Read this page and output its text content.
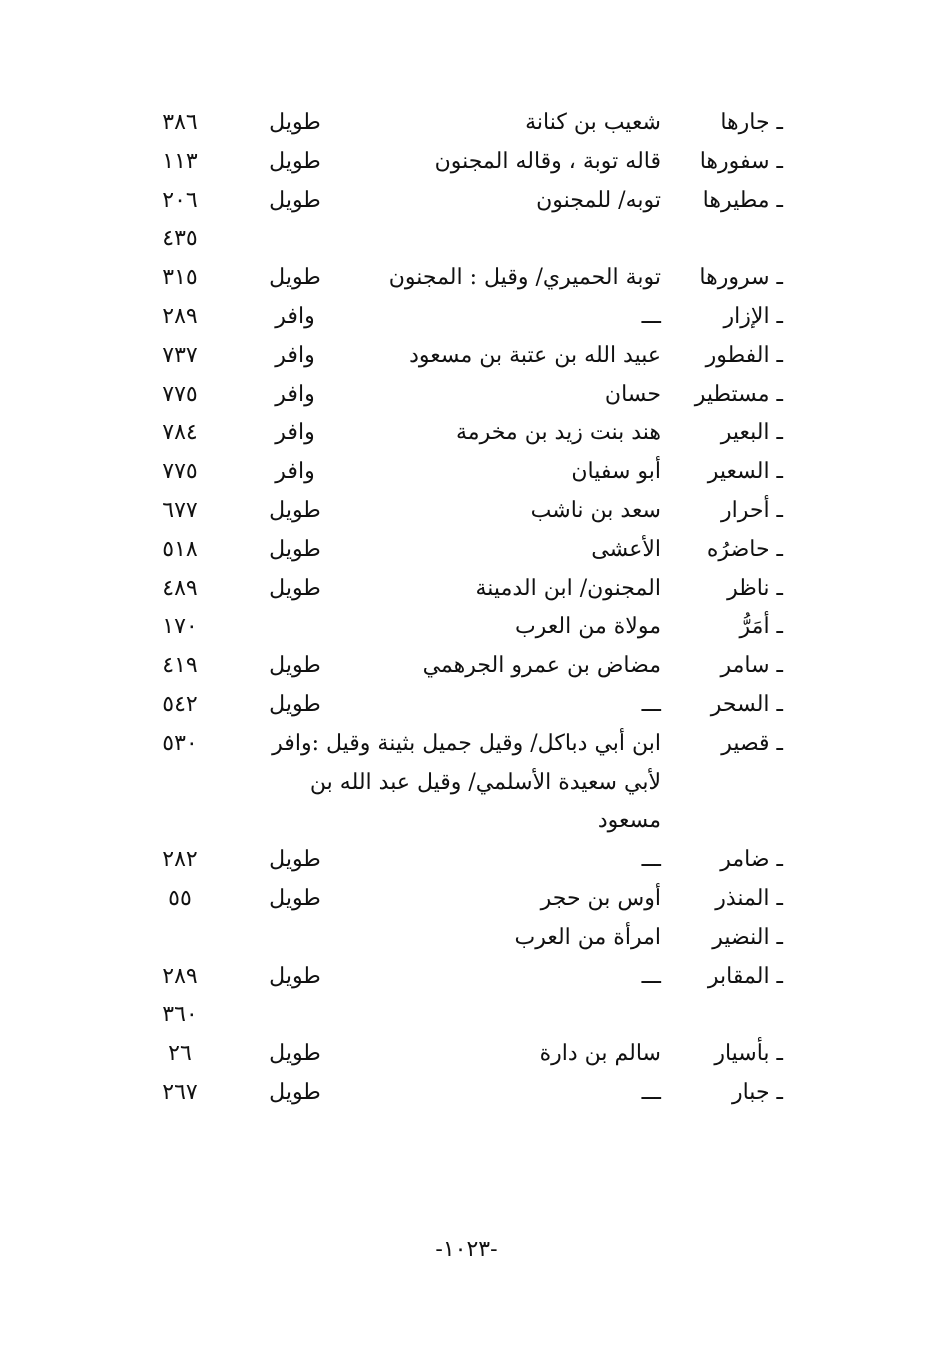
-١٠٢٣-
ـ جارها
شعيب بن كنانة
طويل
٣٨٦
ـ سفورها
قاله توبة ، وقاله المجنون
طويل
١١٣
ـ مطيرها
توبه/ للمجنون
طويل
٢٠٦
٤٣٥
ـ سرورها
توبة الحميري/ وقيل : المجنون
طويل
٣١٥
ـ الإزار
ـــ
وافر
٢٨٩
ـ الفطور
عبيد الله بن عتبة بن مسعود
وافر
٧٣٧
ـ مستطير
حسان
وافر
٧٧٥
ـ البعير
هند بنت زيد بن مخرمة
وافر
٧٨٤
ـ السعير
أبو سفيان
وافر
٧٧٥
ـ أحرار
سعد بن ناشب
طويل
٦٧٧
ـ حاضرُه
الأعشى
طويل
٥١٨
ـ ناظر
المجنون/ ابن الدمينة
طويل
٤٨٩
ـ أمَرُّ
مولاة من العرب
١٧٠
ـ سامر
مضاض بن عمرو الجرهمي
طويل
٤١٩
ـ السحر
ـــ
طويل
٥٤٢
ـ قصير
٥٣٠	ابن أبي دباكل/ وقيل جميل بثينة وقيل :وافر
لأبي سعيدة الأسلمي/ وقيل عبد الله بن
مسعود
ـ ضامر
ـــ
طويل
٢٨٢
ـ المنذر
أوس بن حجر
طويل
٥٥
ـ النضير
امرأة من العرب
ـ المقابر
ـــ
طويل
٢٨٩
٣٦٠
ـ بأسيار
سالم بن دارة
طويل
٢٦
ـ جبار
ـــ
طويل
٢٦٧
